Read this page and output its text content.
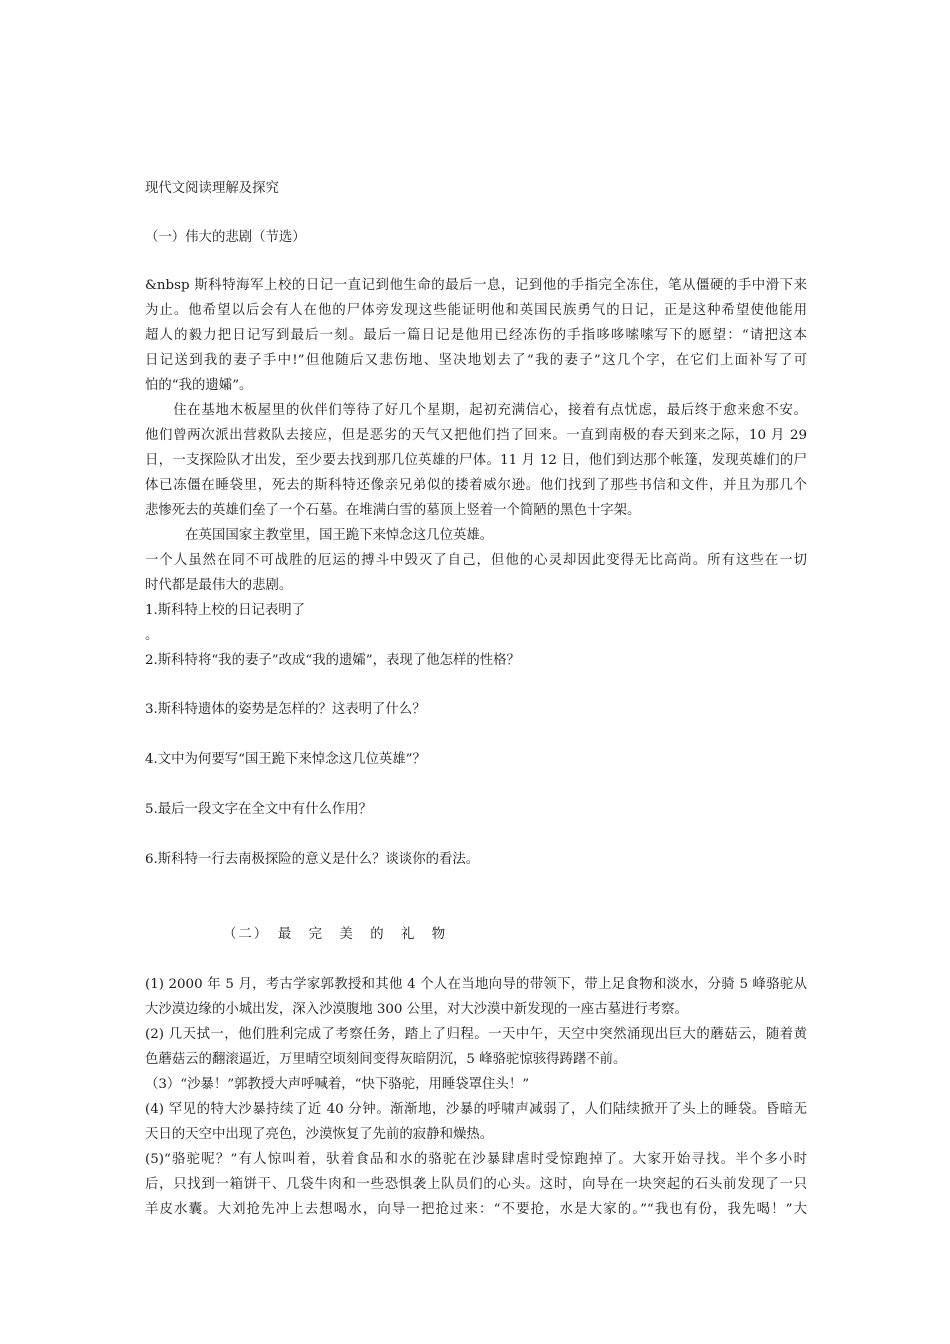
现代文阅读理解及探究
（一）伟大的悲剧（节选）
&nbsp 斯科特海军上校的日记一直记到他生命的最后一息，记到他的手指完全冻住，笔从僵硬的手中滑下来
为止。他希望以后会有人在他的尸体旁发现这些能证明他和英国民族勇气的日记，正是这种希望使他能用
超人的毅力把日记写到最后一刻。最后一篇日记是他用已经冻伤的手指哆哆嗦嗦写下的愿望：“请把这本
日记送到我的妻子手中!”但他随后又悲伤地、坚决地划去了“我的妻子”这几个字，在它们上面补写了可
怕的“我的遗孀”。
　　住在基地木板屋里的伙伴们等待了好几个星期，起初充满信心，接着有点忧虑，最后终于愈来愈不安。
他们曾两次派出营救队去接应，但是恶劣的天气又把他们挡了回来。一直到南极的春天到来之际，10 月 29
日，一支探险队才出发，至少要去找到那几位英雄的尸体。11 月 12 日，他们到达那个帐篷，发现英雄们的尸
体已冻僵在睡袋里，死去的斯科特还像亲兄弟似的搂着威尔逊。他们找到了那些书信和文件，并且为那几个
悲惨死去的英雄们垒了一个石墓。在堆满白雪的墓顶上竖着一个简陋的黑色十字架。
　　　在英国国家主教堂里，国王跪下来悼念这几位英雄。
一个人虽然在同不可战胜的厄运的搏斗中毁灭了自己，但他的心灵却因此变得无比高尚。所有这些在一切
时代都是最伟大的悲剧。
1.斯科特上校的日记表明了
。
2.斯科特将“我的妻子”改成“我的遗孀”，表现了他怎样的性格？
3.斯科特遗体的姿势是怎样的？这表明了什么？
4.文中为何要写“国王跪下来悼念这几位英雄”？
5.最后一段文字在全文中有什么作用？
6.斯科特一行去南极探险的意义是什么？谈谈你的看法。
（二）　最　完　美　的　礼　物
(1) 2000 年 5 月，考古学家郭教授和其他 4 个人在当地向导的带领下，带上足食物和淡水，分骑 5 峰骆驼从
大沙漠边缘的小城出发，深入沙漠腹地 300 公里，对大沙漠中新发现的一座古墓进行考察。
(2) 几天拭一，他们胜利完成了考察任务，踏上了归程。一天中午，天空中突然涌现出巨大的蘑菇云，随着黄
色蘑菇云的翻滚逼近，万里晴空顷刻间变得灰暗阴沉，5 峰骆驼惊骇得踌躇不前。
（3）“沙暴！”郭教授大声呼喊着，“快下骆驼，用睡袋罩住头！”
(4) 罕见的特大沙暴持续了近 40 分钟。渐渐地，沙暴的呼啸声减弱了，人们陆续掀开了头上的睡袋。昏暗无
天日的天空中出现了亮色，沙漠恢复了先前的寂静和燥热。
(5)“骆驼呢？”有人惊叫着，驮着食品和水的骆驼在沙暴肆虐时受惊跑掉了。大家开始寻找。半个多小时
后，只找到一箱饼干、几袋牛肉和一些恐惧袭上队员们的心头。这时，向导在一块突起的石头前发现了一只
羊皮水囊。大刘抢先冲上去想喝水，向导一把抢过来：“不要抢，水是大家的。”“我也有份，我先喝！”大
